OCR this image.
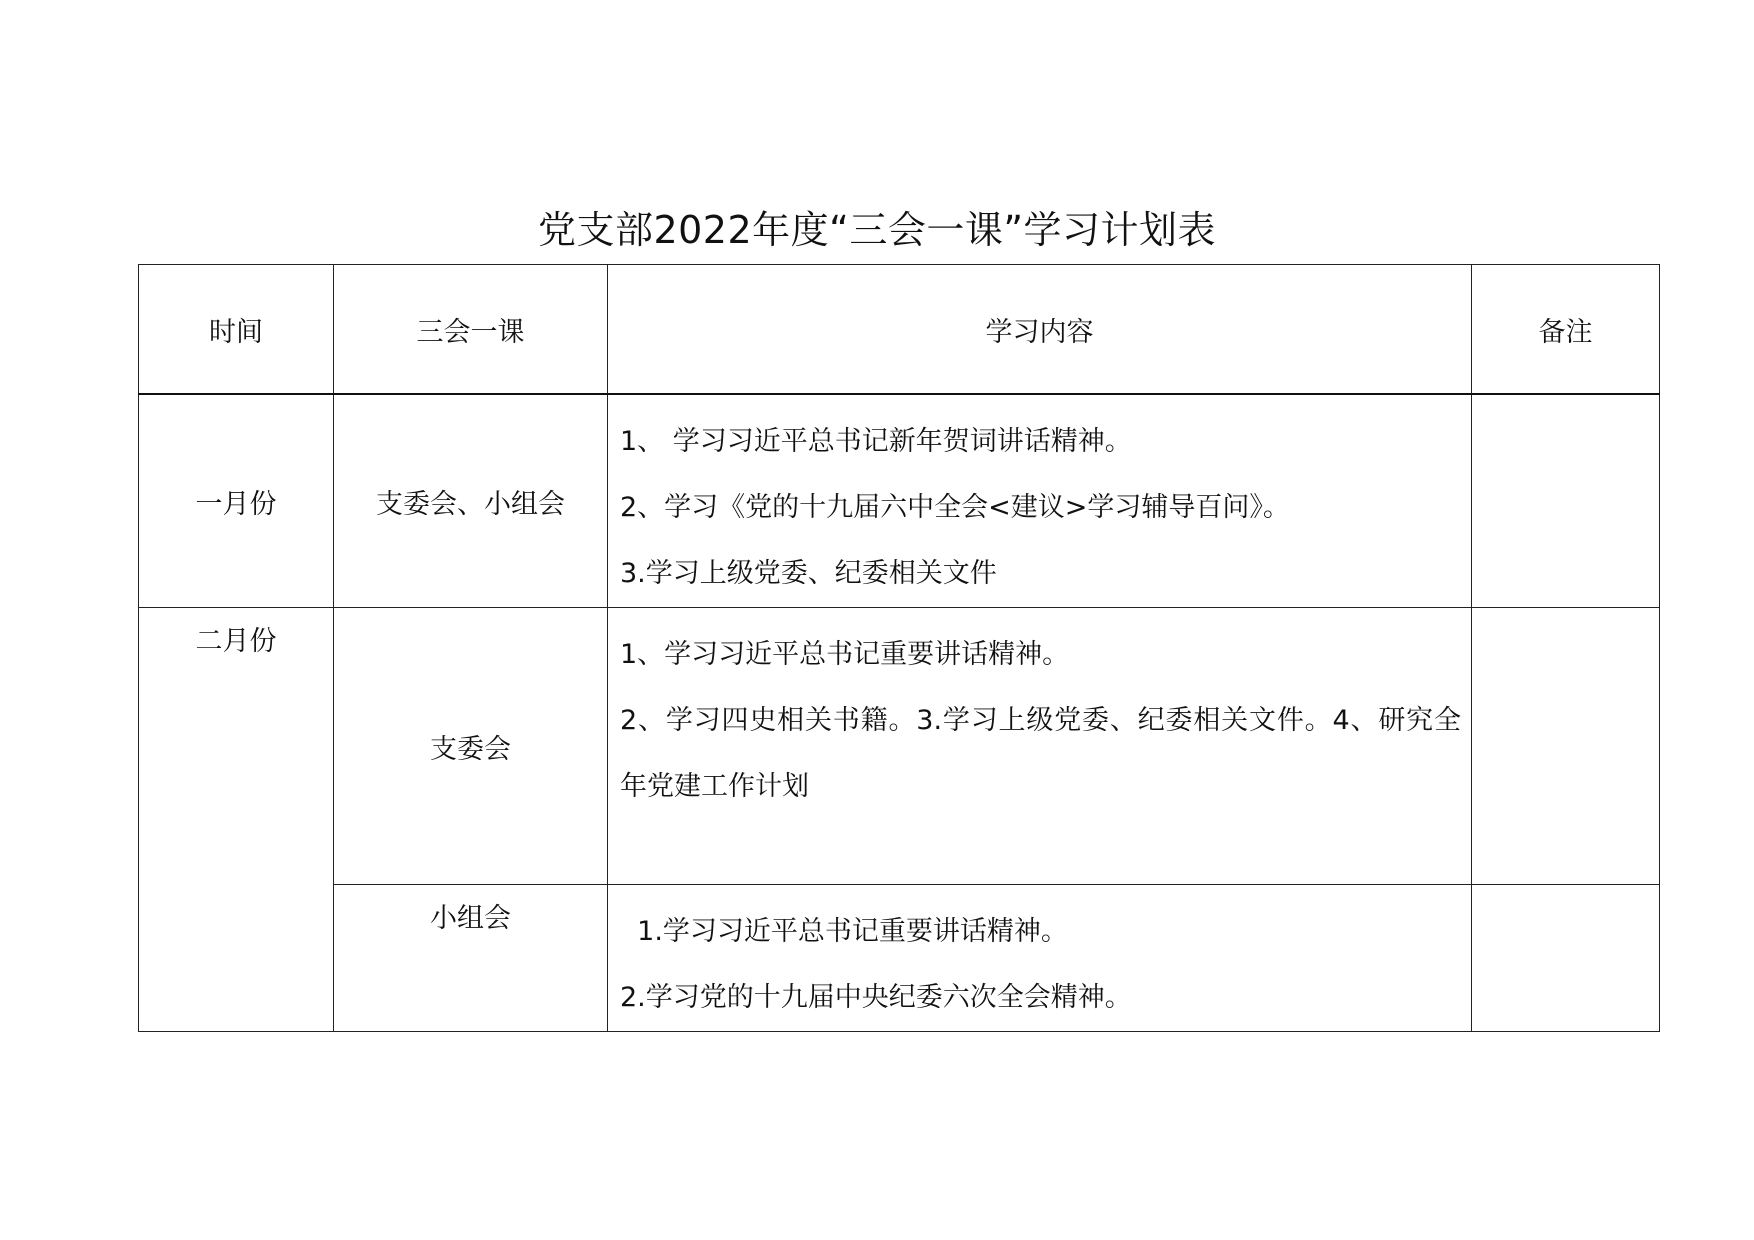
党支部2022年度“三会一课”学习计划表
时间	三会一课	学习内容	备注
一月份	支委会、小组会	1、 学习习近平总书记新年贺词讲话精神。
2、学习《党的十九届六中全会<建议>学习辅导百问》。
3.学习上级党委、纪委相关文件	

二月份	支委会	1、学习习近平总书记重要讲话精神。
2、学习四史相关书籍。3.学习上级党委、纪委相关文件。4、研究全年党建工作计划	

	小组会	1.学习习近平总书记重要讲话精神。
2.学习党的十九届中央纪委六次全会精神。	
